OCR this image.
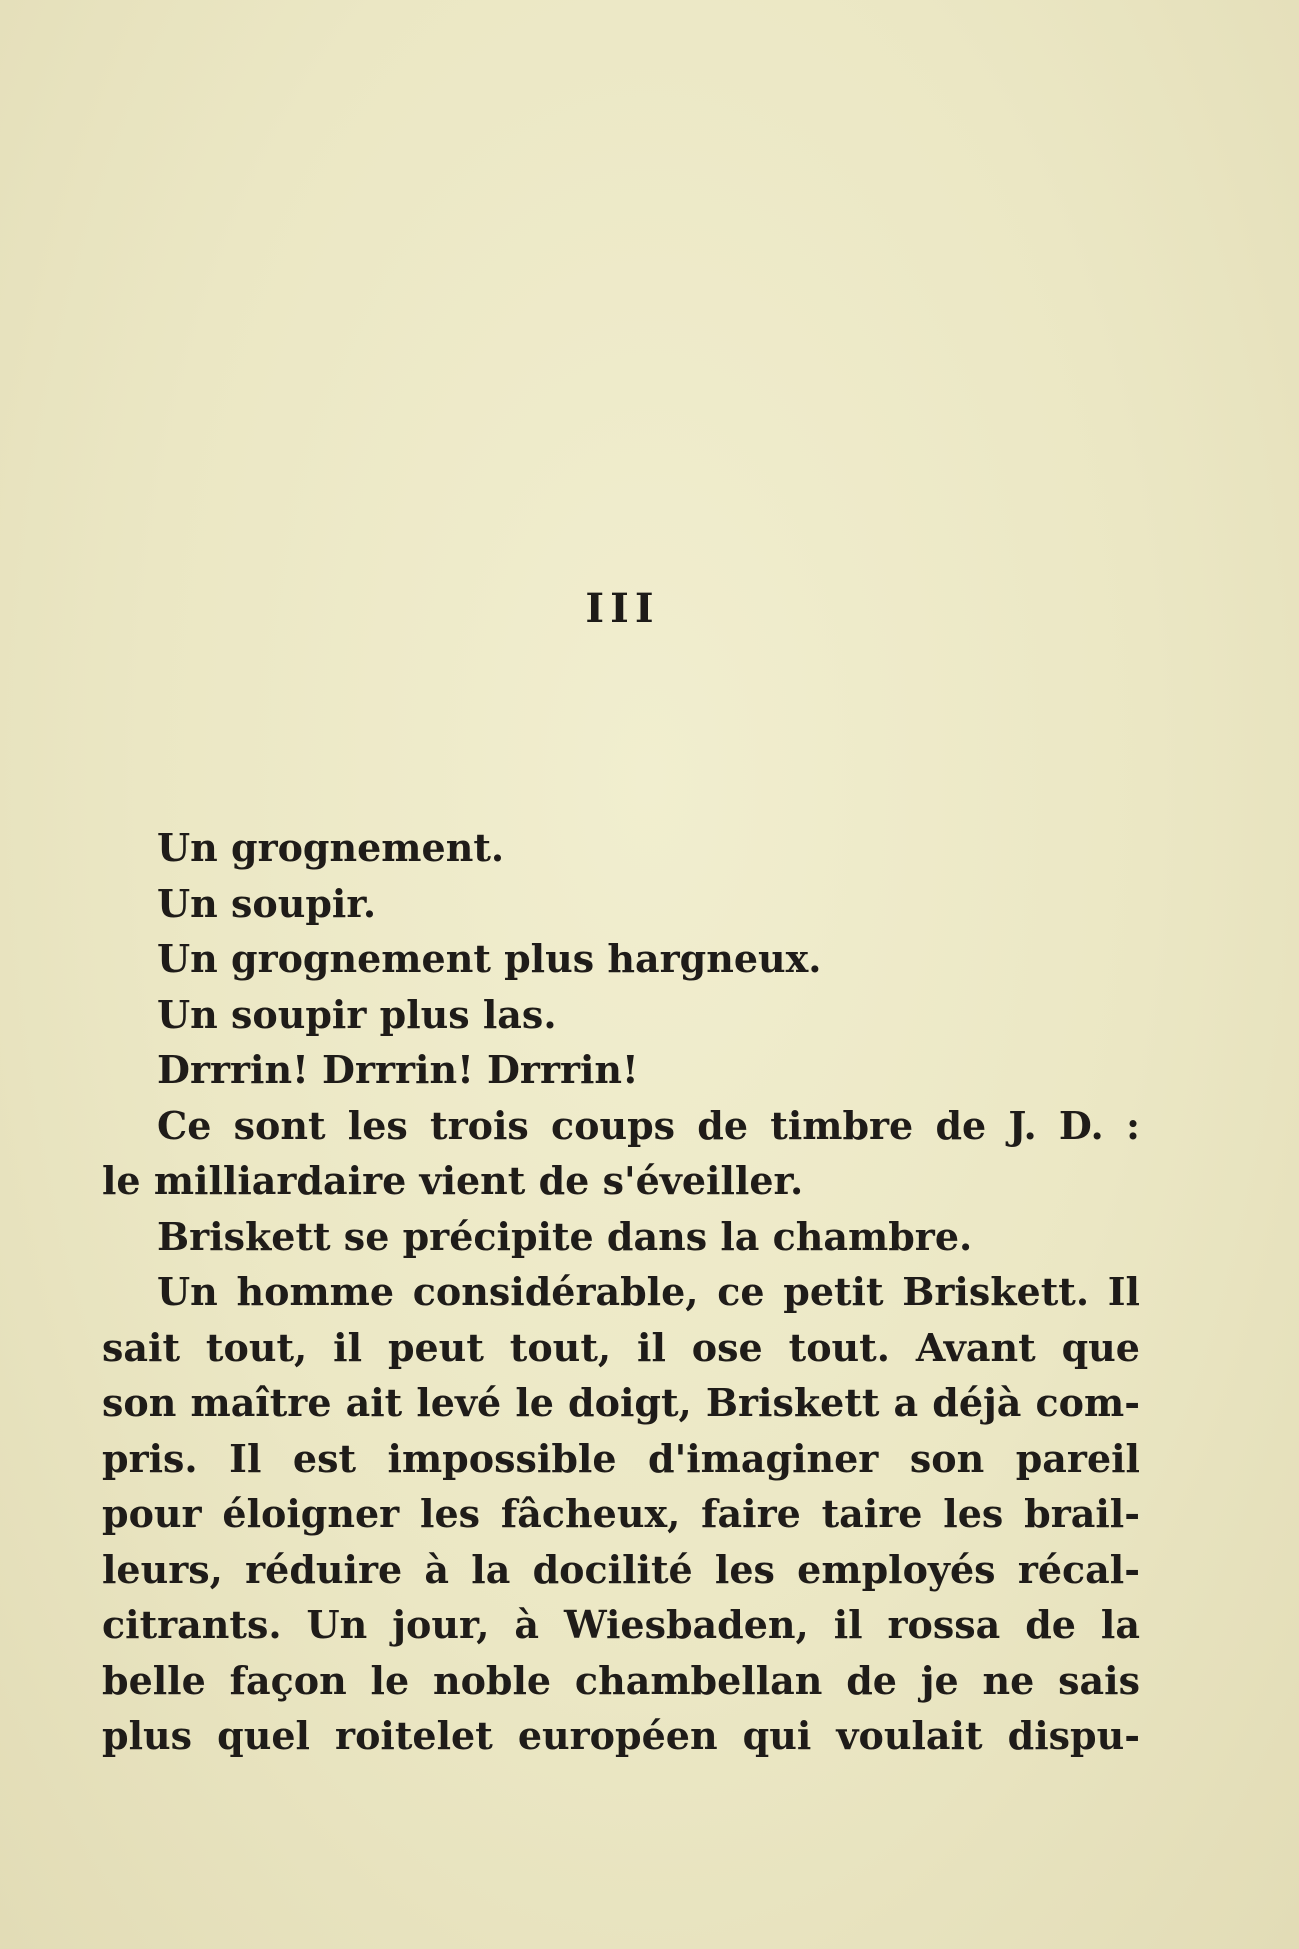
III

Un grognement.

Un soupir.

Un grognement plus hargneux.

Un soupir plus las.

Drrrin! Drrrin! Drrrin!

Ce sont les trois coups de timbre de J. D. :
le milliardaire vient de s'éveiller.

Briskett se précipite dans la chambre.

Un homme considérable, ce petit Briskett. Il
sait tout, il peut tout, il ose tout. Avant que
son maître ait levé le doigt, Briskett a déjà com-
pris. Il est impossible d'imaginer son pareil
pour éloigner les fâcheux, faire taire les brail-
leurs, réduire à la docilité les employés récal-
citrants. Un jour, à Wiesbaden, il rossa de la
belle façon le noble chambellan de je ne sais
plus quel roitelet européen qui voulait dispu-
